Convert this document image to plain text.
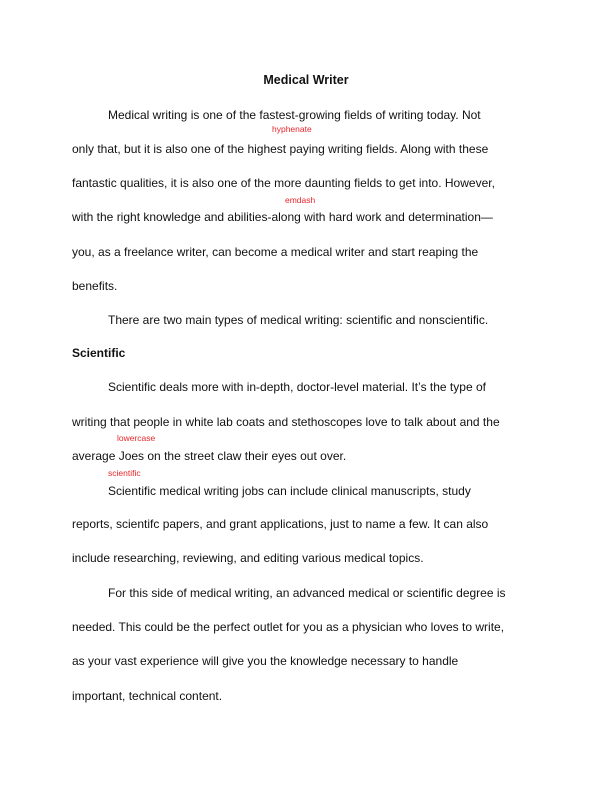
Medical Writer
Medical writing is one of the fastest-growing fields of writing today. Not
hyphenate
only that, but it is also one of the highest paying writing fields. Along with these
fantastic qualities, it is also one of the more daunting fields to get into. However,
emdash
with the right knowledge and abilities-along with hard work and determination—
you, as a freelance writer, can become a medical writer and start reaping the
benefits.
There are two main types of medical writing: scientific and nonscientific.
Scientific
Scientific deals more with in-depth, doctor-level material. It’s the type of
writing that people in white lab coats and stethoscopes love to talk about and the
lowercase
average Joes on the street claw their eyes out over.
scientific
Scientific medical writing jobs can include clinical manuscripts, study
reports, scientifc papers, and grant applications, just to name a few. It can also
include researching, reviewing, and editing various medical topics.
For this side of medical writing, an advanced medical or scientific degree is
needed. This could be the perfect outlet for you as a physician who loves to write,
as your vast experience will give you the knowledge necessary to handle
important, technical content.
